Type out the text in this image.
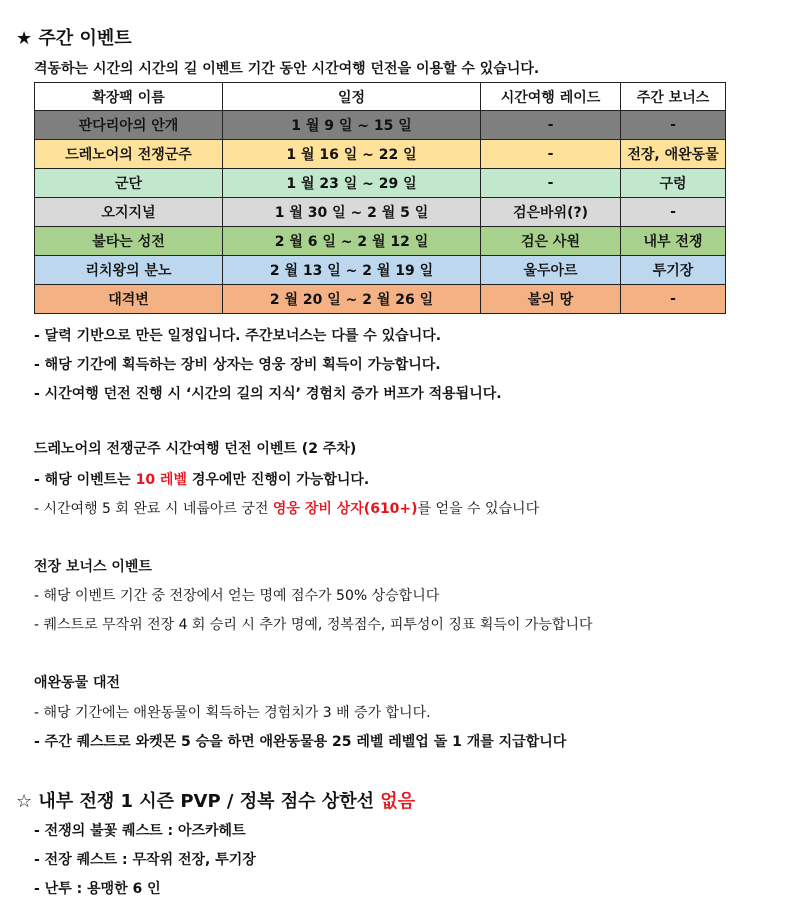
★ 주간 이벤트
격동하는 시간의 시간의 길 이벤트 기간 동안 시간여행 던전을 이용할 수 있습니다.
확장팩 이름	일정	시간여행 레이드	주간 보너스
판다리아의 안개	1 월 9 일 ~ 15 일	-	-
드레노어의 전쟁군주	1 월 16 일 ~ 22 일	-	전장, 애완동물
군단	1 월 23 일 ~ 29 일	-	구렁
오지지널	1 월 30 일 ~ 2 월 5 일	검은바위(?)	-
불타는 성전	2 월 6 일 ~ 2 월 12 일	검은 사원	내부 전쟁
리치왕의 분노	2 월 13 일 ~ 2 월 19 일	울두아르	투기장
대격변	2 월 20 일 ~ 2 월 26 일	불의 땅	-
- 달력 기반으로 만든 일정입니다. 주간보너스는 다를 수 있습니다.
- 해당 기간에 획득하는 장비 상자는 영웅 장비 획득이 가능합니다.
- 시간여행 던전 진행 시 ‘시간의 길의 지식’ 경험치 증가 버프가 적용됩니다.
드레노어의 전쟁군주 시간여행 던전 이벤트 (2 주차)
- 해당 이벤트는 10 레벨 경우에만 진행이 가능합니다.
- 시간여행 5 회 완료 시 네룹아르 궁전 영웅 장비 상자(610+)를 얻을 수 있습니다
전장 보너스 이벤트
- 해당 이벤트 기간 중 전장에서 얻는 명예 점수가 50% 상승합니다
- 퀘스트로 무작위 전장 4 회 승리 시 추가 명예, 정복점수, 피투성이 징표 획득이 가능합니다
애완동물 대전
- 해당 기간에는 애완동물이 획득하는 경험치가 3 배 증가 합니다.
- 주간 퀘스트로 와켓몬 5 승을 하면 애완동물용 25 레벨 레벨업 돌 1 개를 지급합니다
☆ 내부 전쟁 1 시즌 PVP / 정복 점수 상한선 없음
- 전쟁의 불꽃 퀘스트 : 아즈카헤트
- 전장 퀘스트 : 무작위 전장, 투기장
- 난투 : 용맹한 6 인
